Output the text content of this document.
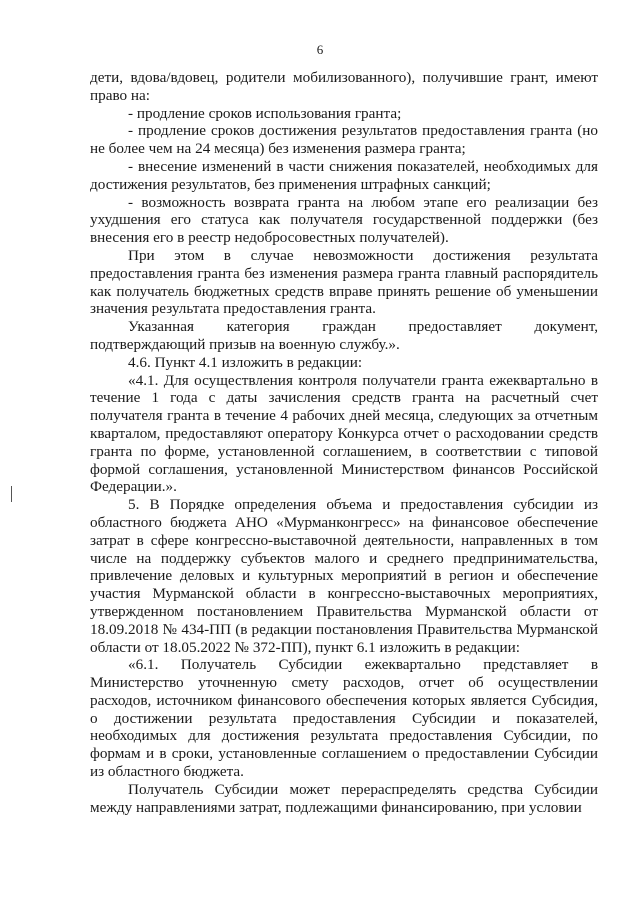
6

дети, вдова/вдовец, родители мобилизованного), получившие грант, имеют право на:

- продление сроков использования гранта;

- продление сроков достижения результатов предоставления гранта (но не более чем на 24 месяца) без изменения размера гранта;

- внесение изменений в части снижения показателей, необходимых для достижения результатов, без применения штрафных санкций;

- возможность возврата гранта на любом этапе его реализации без ухудшения его статуса как получателя государственной поддержки (без внесения его в реестр недобросовестных получателей).

При этом в случае невозможности достижения результата предоставления гранта без изменения размера гранта главный распорядитель как получатель бюджетных средств вправе принять решение об уменьшении значения результата предоставления гранта.

Указанная категория граждан предоставляет документ, подтверждающий призыв на военную службу.».

4.6. Пункт 4.1 изложить в редакции:

«4.1. Для осуществления контроля получатели гранта ежеквартально в течение 1 года с даты зачисления средств гранта на расчетный счет получателя гранта в течение 4 рабочих дней месяца, следующих за отчетным кварталом, предоставляют оператору Конкурса отчет о расходовании средств гранта по форме, установленной соглашением, в соответствии с типовой формой соглашения, установленной Министерством финансов Российской Федерации.».

5. В Порядке определения объема и предоставления субсидии из областного бюджета АНО «Мурманконгресс» на финансовое обеспечение затрат в сфере конгрессно-выставочной деятельности, направленных в том числе на поддержку субъектов малого и среднего предпринимательства, привлечение деловых и культурных мероприятий в регион и обеспечение участия Мурманской области в конгрессно-выставочных мероприятиях, утвержденном постановлением Правительства Мурманской области от 18.09.2018 № 434-ПП (в редакции постановления Правительства Мурманской области от 18.05.2022 № 372-ПП), пункт 6.1 изложить в редакции:

«6.1. Получатель Субсидии ежеквартально представляет в Министерство уточненную смету расходов, отчет об осуществлении расходов, источником финансового обеспечения которых является Субсидия, о достижении результата предоставления Субсидии и показателей, необходимых для достижения результата предоставления Субсидии, по формам и в сроки, установленные соглашением о предоставлении Субсидии из областного бюджета.

Получатель Субсидии может перераспределять средства Субсидии между направлениями затрат, подлежащими финансированию, при условии
